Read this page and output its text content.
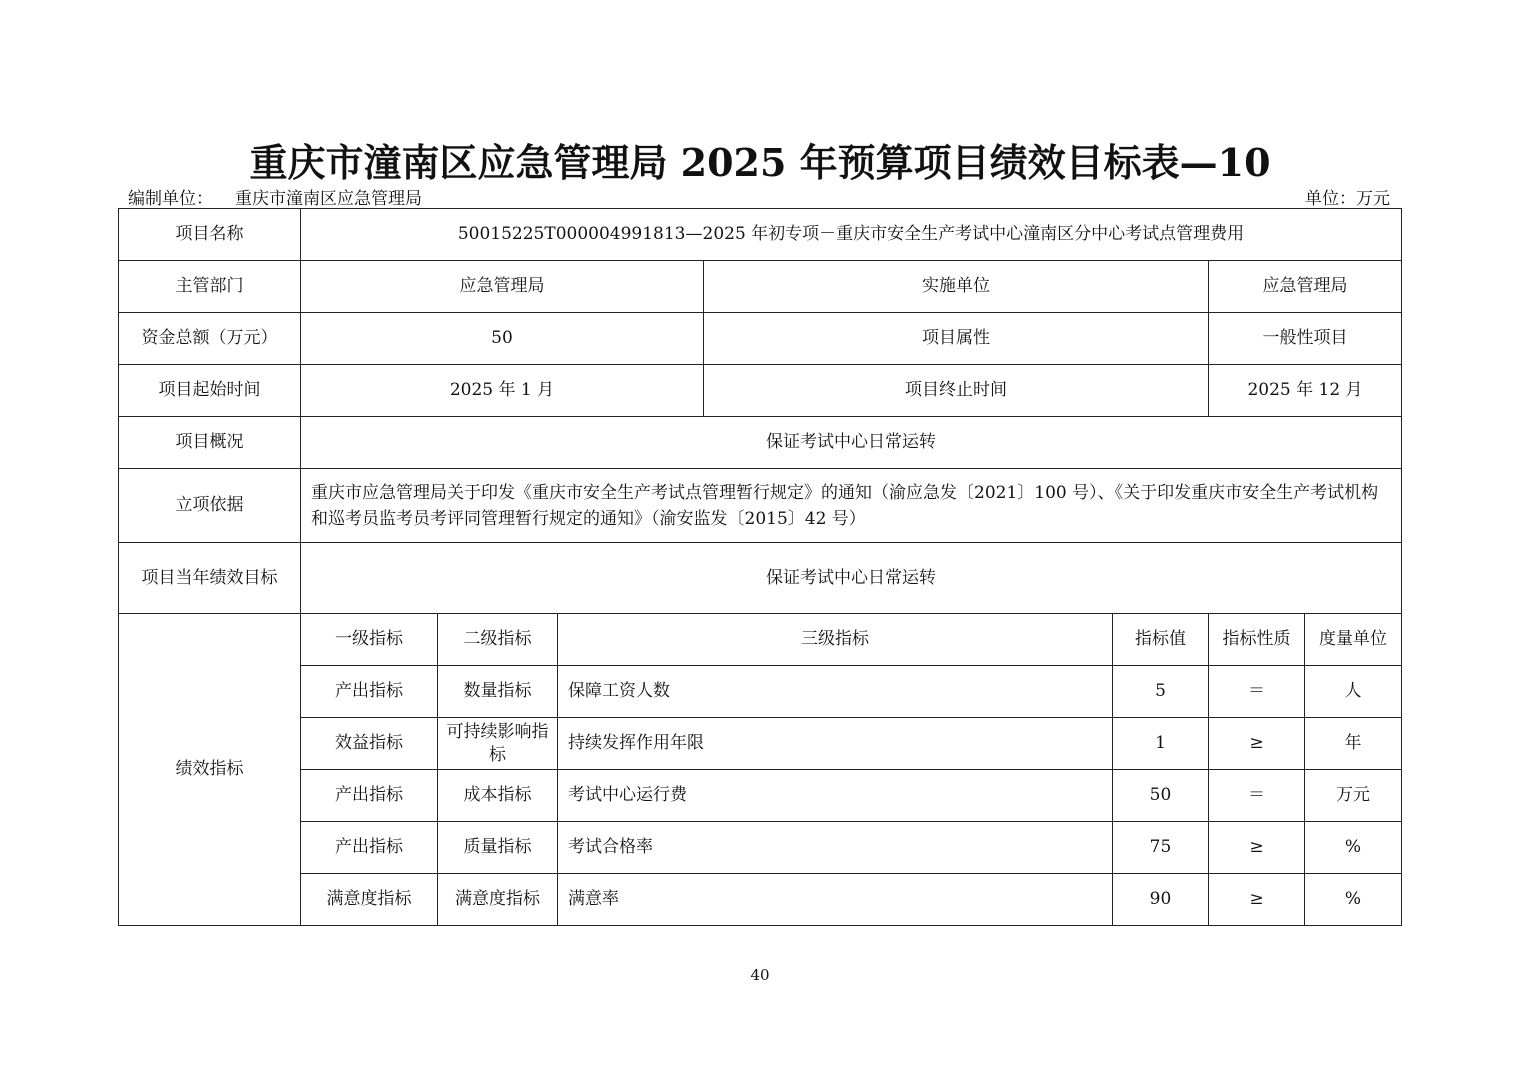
重庆市潼南区应急管理局 2025 年预算项目绩效目标表—10
编制单位： 重庆市潼南区应急管理局	单位：万元
项目名称	50015225T000004991813—2025 年初专项－重庆市安全生产考试中心潼南区分中心考试点管理费用						
主管部门	应急管理局			实施单位		应急管理局	
资金总额（万元）	50			项目属性		一般性项目	
项目起始时间	2025 年 1 月			项目终止时间		2025 年 12 月	
项目概况	保证考试中心日常运转						
立项依据	重庆市应急管理局关于印发《重庆市安全生产考试点管理暂行规定》的通知（渝应急发〔2021〕100 号）、《关于印发重庆市安全生产考试机构和巡考员监考员考评同管理暂行规定的通知》（渝安监发〔2015〕42 号）						
项目当年绩效目标	保证考试中心日常运转						
绩效指标	一级指标	二级指标	三级指标		指标值	指标性质	度量单位
	产出指标	数量指标	保障工资人数		5	＝	人
	效益指标	可持续影响指标	持续发挥作用年限		1	≥	年
	产出指标	成本指标	考试中心运行费		50	＝	万元
	产出指标	质量指标	考试合格率		75	≥	%
	满意度指标	满意度指标	满意率		90	≥	%
40
